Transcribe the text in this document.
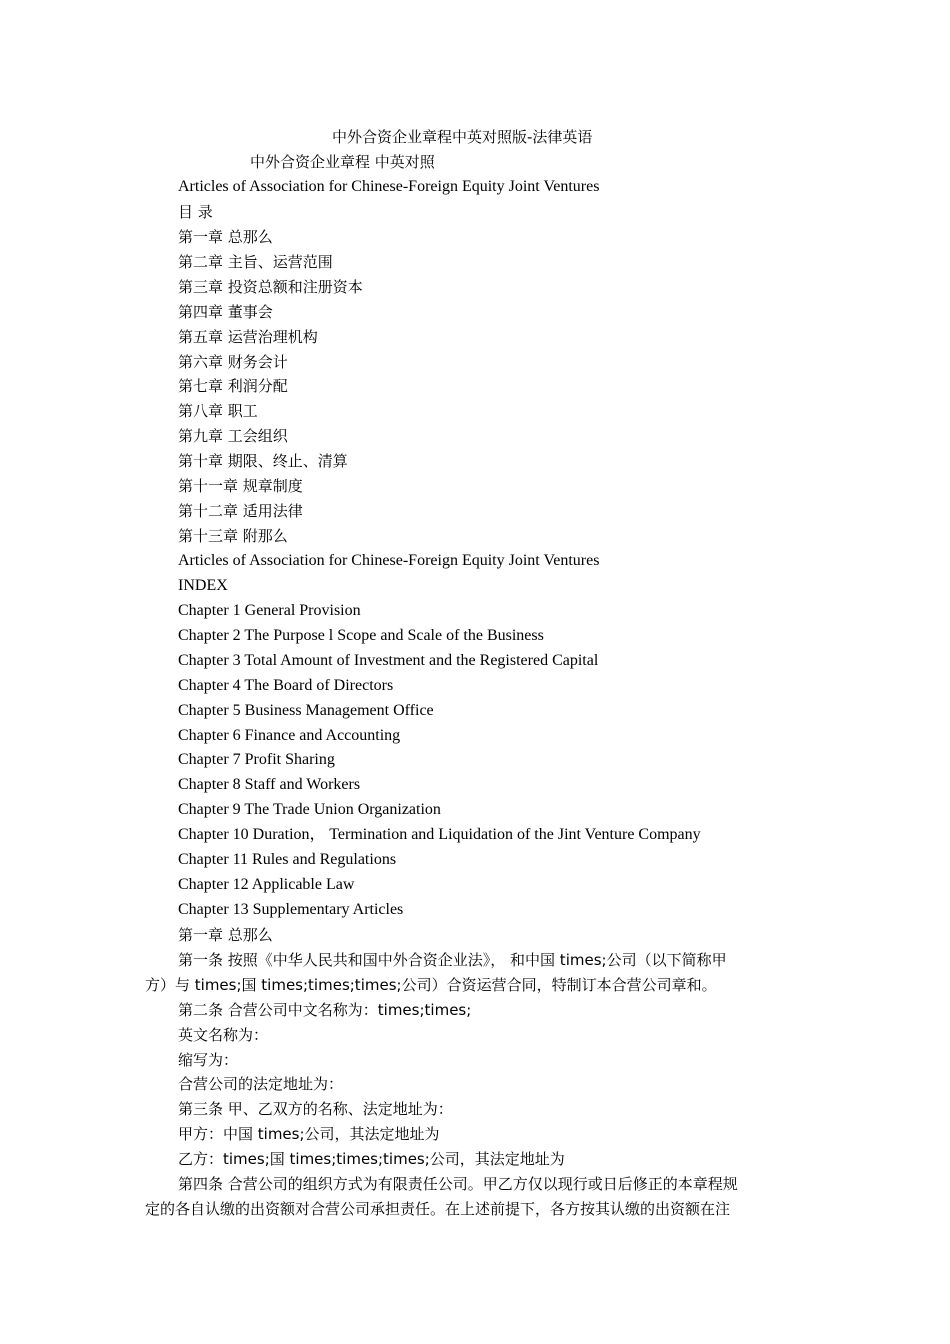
中外合资企业章程中英对照版-法律英语
中外合资企业章程 中英对照
Articles of Association for Chinese-Foreign Equity Joint Ventures
目 录
第一章 总那么
第二章 主旨、运营范围
第三章 投资总额和注册资本
第四章 董事会
第五章 运营治理机构
第六章 财务会计
第七章 利润分配
第八章 职工
第九章 工会组织
第十章 期限、终止、清算
第十一章 规章制度
第十二章 适用法律
第十三章 附那么
Articles of Association for Chinese-Foreign Equity Joint Ventures
INDEX
Chapter 1 General Provision
Chapter 2 The Purpose l Scope and Scale of the Business
Chapter 3 Total Amount of Investment and the Registered Capital
Chapter 4 The Board of Directors
Chapter 5 Business Management Office
Chapter 6 Finance and Accounting
Chapter 7 Profit Sharing
Chapter 8 Staff and Workers
Chapter 9 The Trade Union Organization
Chapter 10 Duration， Termination and Liquidation of the Jint Venture Company
Chapter 11 Rules and Regulations
Chapter 12 Applicable Law
Chapter 13 Supplementary Articles
第一章 总那么
第一条 按照《中华人民共和国中外合资企业法》， 和中国 times;公司（以下简称甲
方）与 times;国 times;times;times;公司）合资运营合同，特制订本合营公司章和。
第二条 合营公司中文名称为：times;times;
英文名称为：
缩写为：
合营公司的法定地址为：
第三条 甲、乙双方的名称、法定地址为：
甲方：中国 times;公司，其法定地址为
乙方：times;国 times;times;times;公司，其法定地址为
第四条 合营公司的组织方式为有限责任公司。甲乙方仅以现行或日后修正的本章程规
定的各自认缴的出资额对合营公司承担责任。在上述前提下，各方按其认缴的出资额在注
